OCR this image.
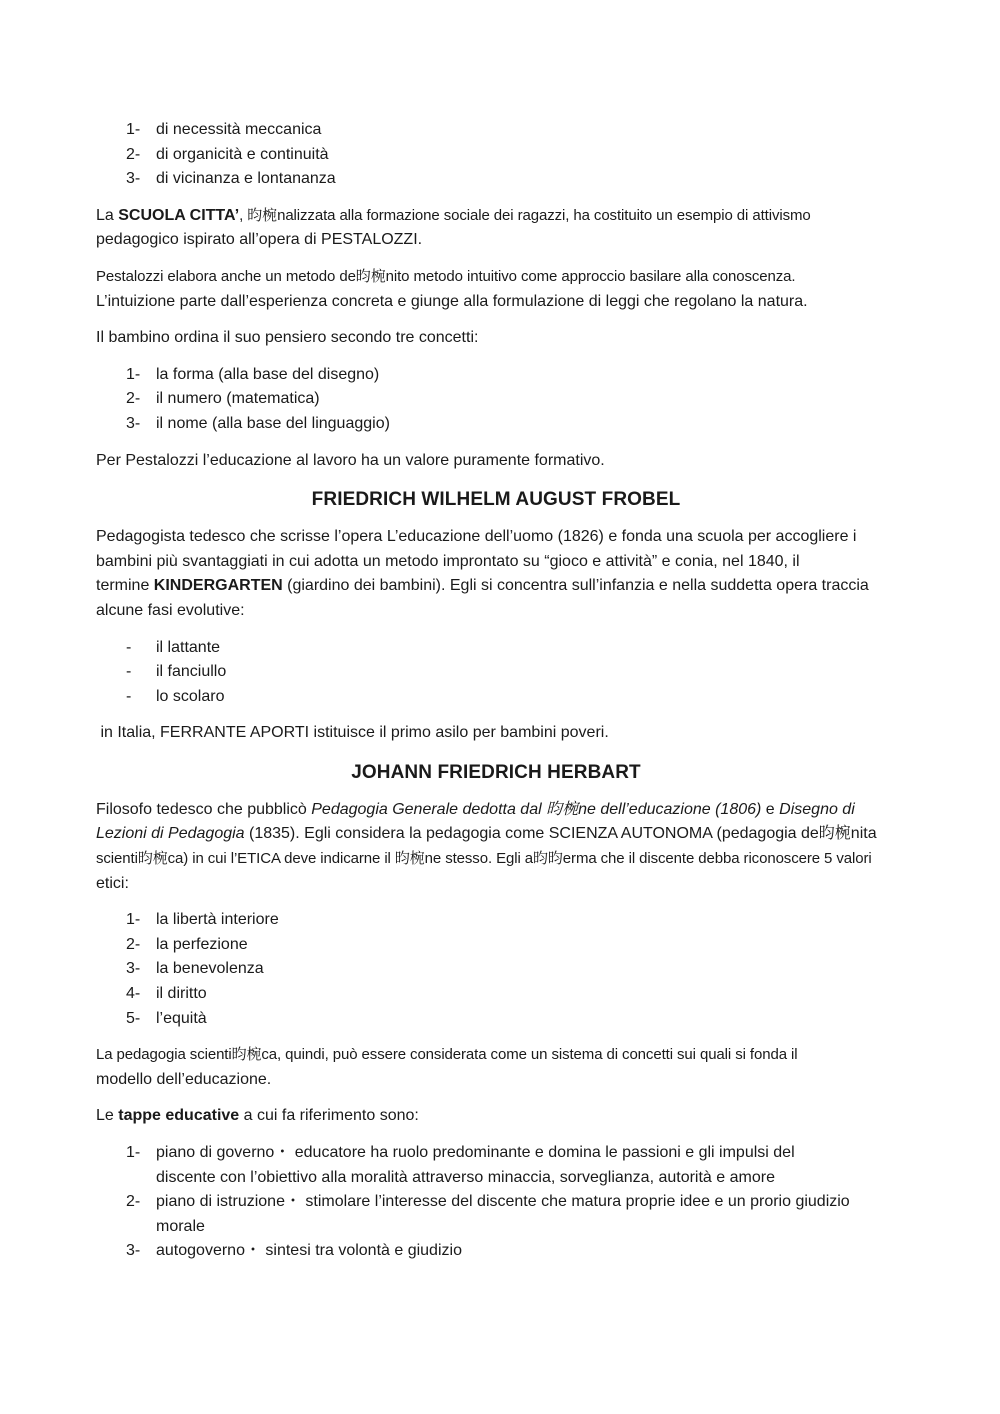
1- di necessità meccanica
2- di organicità e continuità
3- di vicinanza e lontananza

La SCUOLA CITTA’, 昀椀nalizzata alla formazione sociale dei ragazzi, ha costituito un esempio di attivismo
pedagogico ispirato all’opera di PESTALOZZI.

Pestalozzi elabora anche un metodo de昀椀nito metodo intuitivo come approccio basilare alla conoscenza.
L’intuizione parte dall’esperienza concreta e giunge alla formulazione di leggi che regolano la natura.

Il bambino ordina il suo pensiero secondo tre concetti:

1- la forma (alla base del disegno)
2- il numero (matematica)
3- il nome (alla base del linguaggio)

Per Pestalozzi l’educazione al lavoro ha un valore puramente formativo.

FRIEDRICH WILHELM AUGUST FROBEL

Pedagogista tedesco che scrisse l’opera L’educazione dell’uomo (1826) e fonda una scuola per accogliere i
bambini più svantaggiati in cui adotta un metodo improntato su “gioco e attività” e conia, nel 1840, il
termine KINDERGARTEN (giardino dei bambini). Egli si concentra sull’infanzia e nella suddetta opera traccia
alcune fasi evolutive:

-	il lattante
-	il fanciullo
-	lo scolaro

in Italia, FERRANTE APORTI istituisce il primo asilo per bambini poveri.

JOHANN FRIEDRICH HERBART

Filosofo tedesco che pubblicò Pedagogia Generale dedotta dal 昀椀ne dell’educazione (1806) e Disegno di
Lezioni di Pedagogia (1835). Egli considera la pedagogia come SCIENZA AUTONOMA (pedagogia de昀椀nita
scienti昀椀ca) in cui l’ETICA deve indicarne il 昀椀ne stesso. Egli a昀昀erma che il discente debba riconoscere 5 valori
etici:

1- la libertà interiore
2- la perfezione
3- la benevolenza
4- il diritto
5- l’equità

La pedagogia scienti昀椀ca, quindi, può essere considerata come un sistema di concetti sui quali si fonda il
modello dell’educazione.

Le tappe educative a cui fa riferimento sono:

1- piano di governo・ educatore ha ruolo predominante e domina le passioni e gli impulsi del
discente con l’obiettivo alla moralità attraverso minaccia, sorveglianza, autorità e amore
2- piano di istruzione・ stimolare l’interesse del discente che matura proprie idee e un prorio giudizio
morale
3- autogoverno・ sintesi tra volontà e giudizio
